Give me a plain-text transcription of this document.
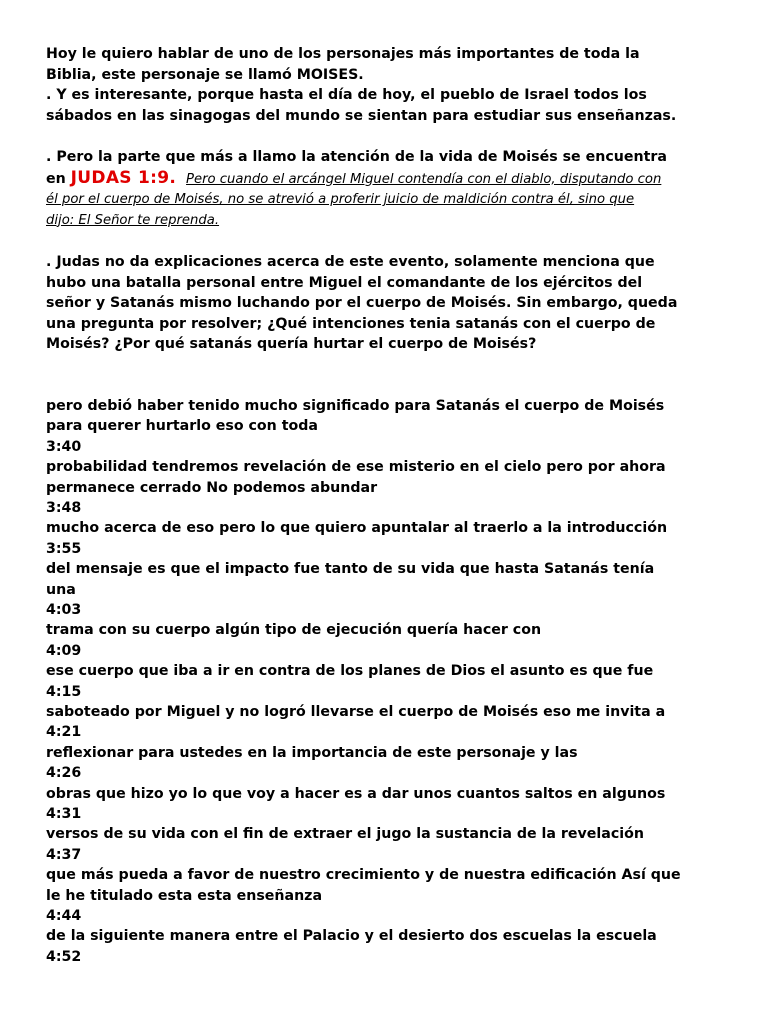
Hoy le quiero hablar de uno de los personajes más importantes de toda la

Biblia, este personaje se llamó MOISES.

. Y es interesante, porque hasta el día de hoy, el pueblo de Israel todos los

sábados en las sinagogas del mundo se sientan para estudiar sus enseñanzas.

. Pero la parte que más a llamo la atención de la vida de Moisés se encuentra

en JUDAS 1:9. Pero cuando el arcángel Miguel contendía con el diablo, disputando con

él por el cuerpo de Moisés, no se atrevió a proferir juicio de maldición contra él, sino que

dijo: El Señor te reprenda.

. Judas no da explicaciones acerca de este evento, solamente menciona que

hubo una batalla personal entre Miguel el comandante de los ejércitos del

señor y Satanás mismo luchando por el cuerpo de Moisés. Sin embargo, queda

una pregunta por resolver; ¿Qué intenciones tenia satanás con el cuerpo de

Moisés? ¿Por qué satanás quería hurtar el cuerpo de Moisés?

pero debió haber tenido mucho significado para Satanás el cuerpo de Moisés

para querer hurtarlo eso con toda

3:40

probabilidad tendremos revelación de ese misterio en el cielo pero por ahora

permanece cerrado No podemos abundar

3:48

mucho acerca de eso pero lo que quiero apuntalar al traerlo a la introducción

3:55

del mensaje es que el impacto fue tanto de su vida que hasta Satanás tenía

una

4:03

trama con su cuerpo algún tipo de ejecución quería hacer con

4:09

ese cuerpo que iba a ir en contra de los planes de Dios el asunto es que fue

4:15

saboteado por Miguel y no logró llevarse el cuerpo de Moisés eso me invita a

4:21

reflexionar para ustedes en la importancia de este personaje y las

4:26

obras que hizo yo lo que voy a hacer es a dar unos cuantos saltos en algunos

4:31

versos de su vida con el fin de extraer el jugo la sustancia de la revelación

4:37

que más pueda a favor de nuestro crecimiento y de nuestra edificación Así que

le he titulado esta esta enseñanza

4:44

de la siguiente manera entre el Palacio y el desierto dos escuelas la escuela

4:52
